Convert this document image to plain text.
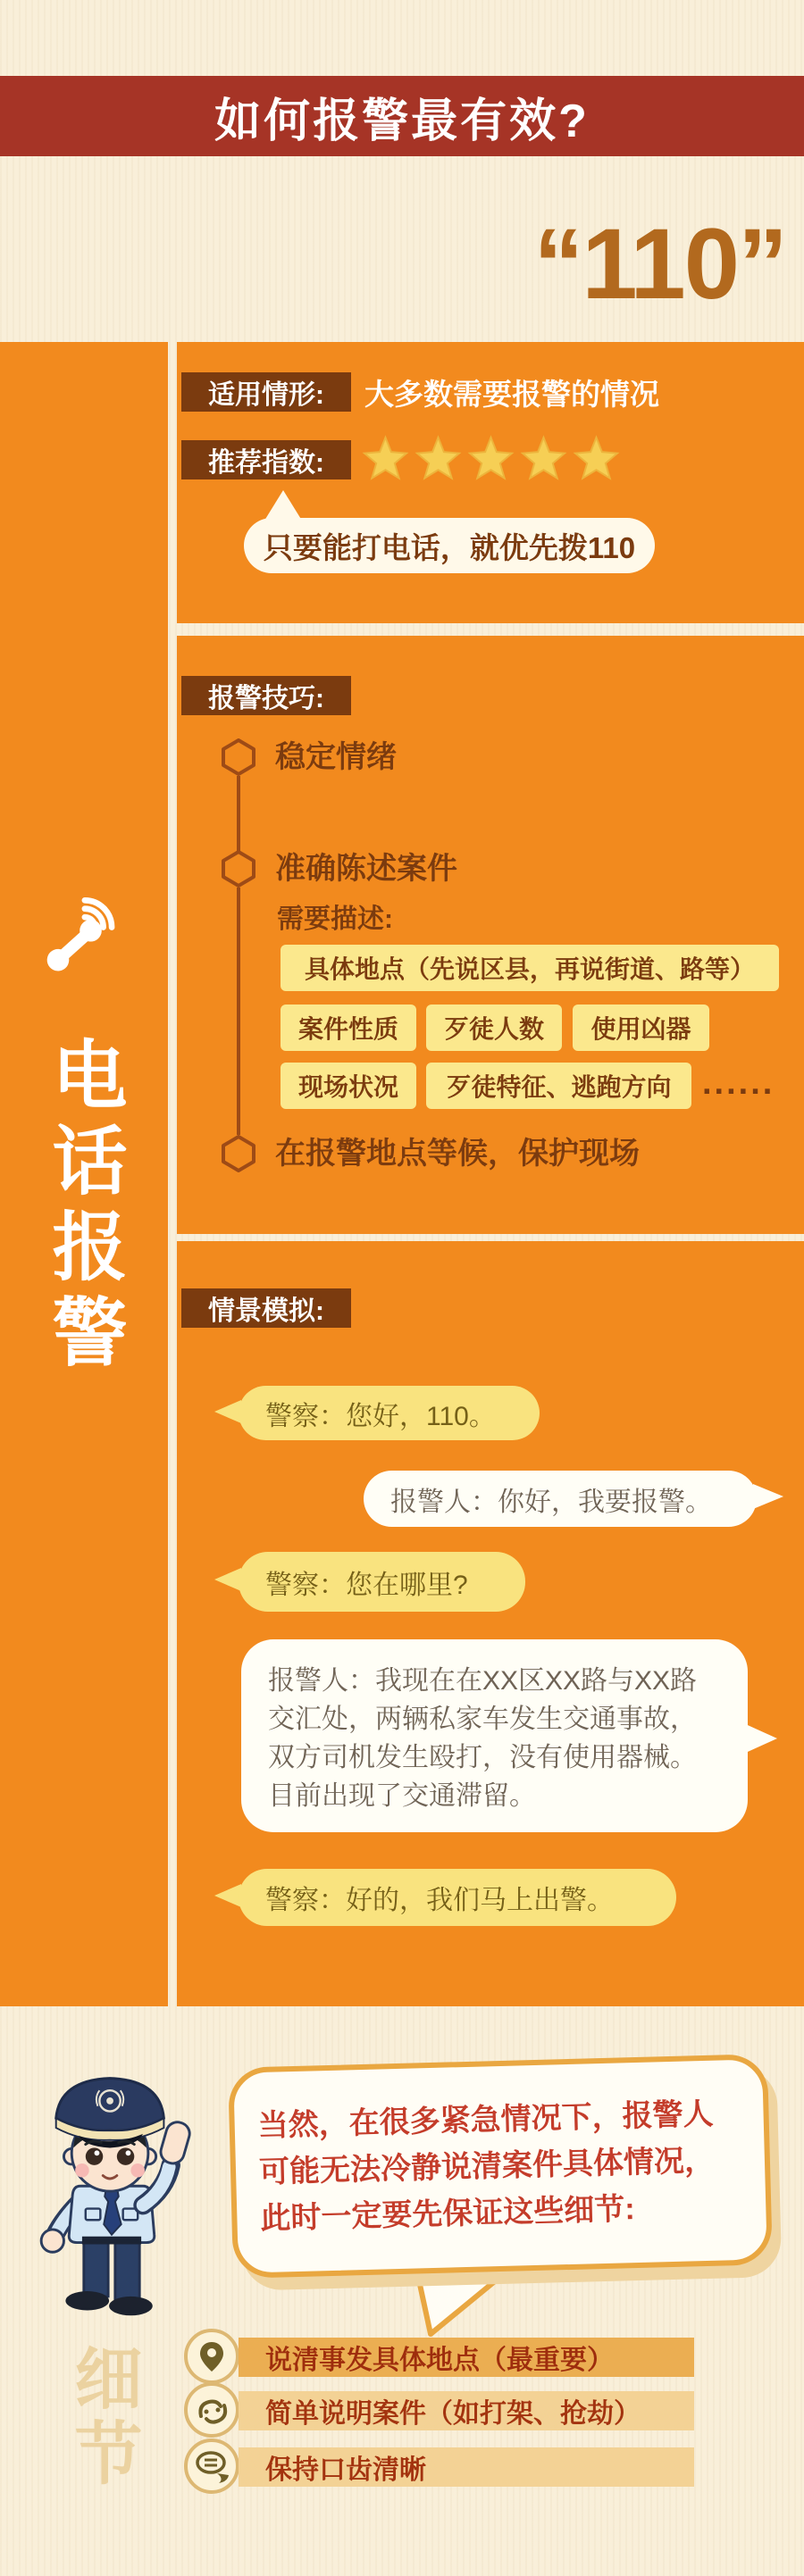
如何报警最有效?
“110”
电话报警
适用情形:	大多数需要报警的情况
推荐指数:
只要能打电话，就优先拨110
报警技巧:
稳定情绪
准确陈述案件
在报警地点等候，保护现场
需要描述:
具体地点（先说区县，再说街道、路等）
案件性质	歹徒人数	使用凶器
现场状况	歹徒特征、逃跑方向 ......
情景模拟:
警察：您好，110。
报警人：你好，我要报警。
警察：您在哪里?
报警人：我现在在XX区XX路与XX路交汇处，两辆私家车发生交通事故，双方司机发生殴打，没有使用器械。目前出现了交通滞留。
警察：好的，我们马上出警。
当然，在很多紧急情况下，报警人可能无法冷静说清案件具体情况，此时一定要先保证这些细节:
细节	说清事发具体地点（最重要）
简单说明案件（如打架、抢劫）
保持口齿清晰
